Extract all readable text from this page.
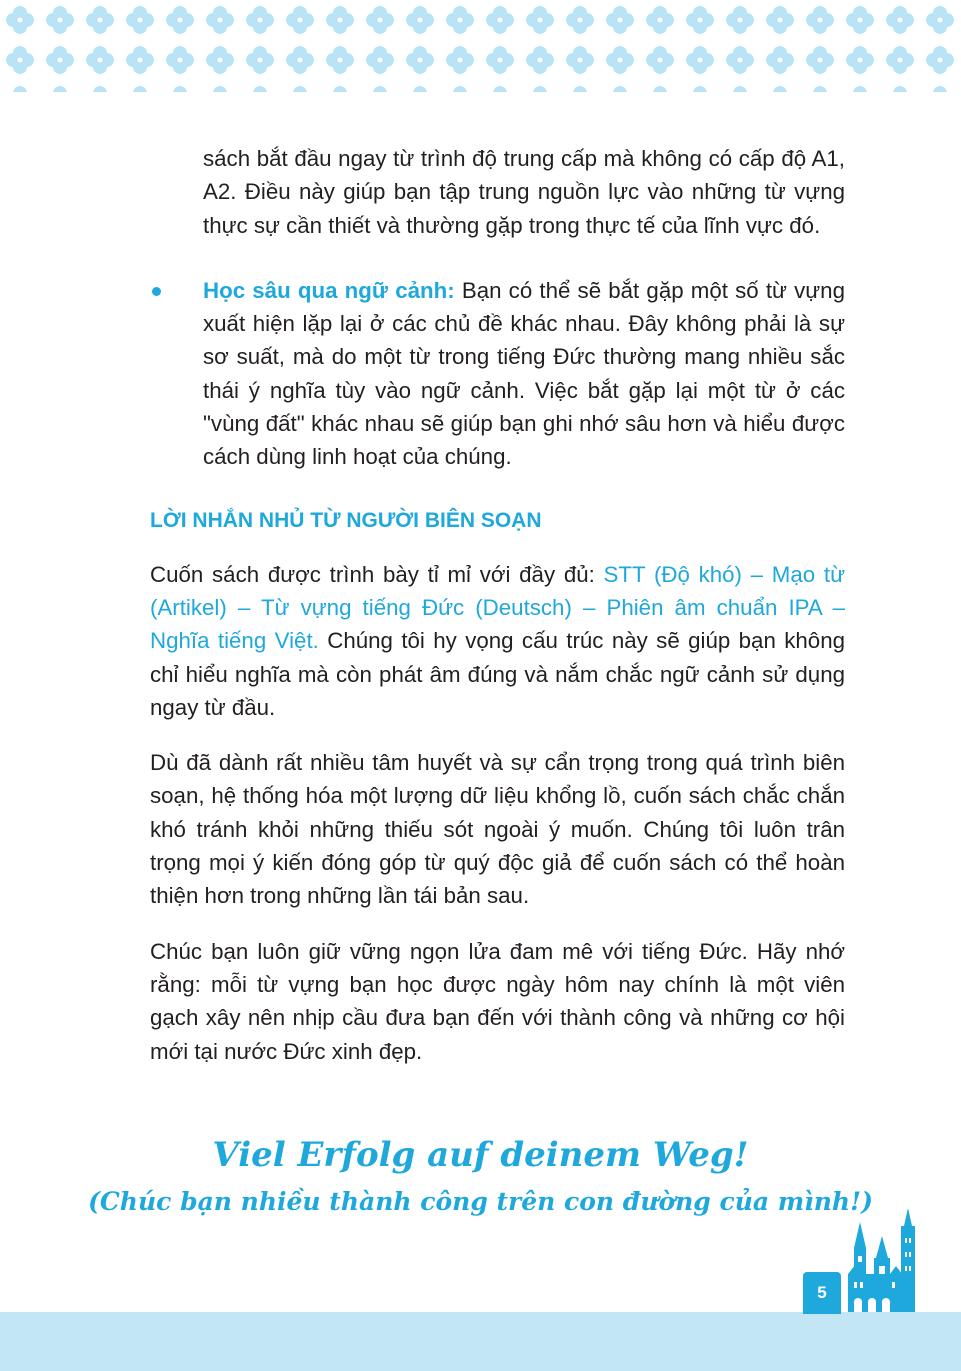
sách bắt đầu ngay từ trình độ trung cấp mà không có cấp độ A1, A2. Điều này giúp bạn tập trung nguồn lực vào những từ vựng thực sự cần thiết và thường gặp trong thực tế của lĩnh vực đó.

Học sâu qua ngữ cảnh: Bạn có thể sẽ bắt gặp một số từ vựng xuất hiện lặp lại ở các chủ đề khác nhau. Đây không phải là sự sơ suất, mà do một từ trong tiếng Đức thường mang nhiều sắc thái ý nghĩa tùy vào ngữ cảnh. Việc bắt gặp lại một từ ở các "vùng đất" khác nhau sẽ giúp bạn ghi nhớ sâu hơn và hiểu được cách dùng linh hoạt của chúng.
LỜI NHẮN NHỦ TỪ NGƯỜI BIÊN SOẠN

Cuốn sách được trình bày tỉ mỉ với đầy đủ: STT (Độ khó) – Mạo từ (Artikel) – Từ vựng tiếng Đức (Deutsch) – Phiên âm chuẩn IPA – Nghĩa tiếng Việt. Chúng tôi hy vọng cấu trúc này sẽ giúp bạn không chỉ hiểu nghĩa mà còn phát âm đúng và nắm chắc ngữ cảnh sử dụng ngay từ đầu.

Dù đã dành rất nhiều tâm huyết và sự cẩn trọng trong quá trình biên soạn, hệ thống hóa một lượng dữ liệu khổng lồ, cuốn sách chắc chắn khó tránh khỏi những thiếu sót ngoài ý muốn. Chúng tôi luôn trân trọng mọi ý kiến đóng góp từ quý độc giả để cuốn sách có thể hoàn thiện hơn trong những lần tái bản sau.

Chúc bạn luôn giữ vững ngọn lửa đam mê với tiếng Đức. Hãy nhớ rằng: mỗi từ vựng bạn học được ngày hôm nay chính là một viên gạch xây nên nhịp cầu đưa bạn đến với thành công và những cơ hội mới tại nước Đức xinh đẹp.

Viel Erfolg auf deinem Weg!
(Chúc bạn nhiều thành công trên con đường của mình!)
5
